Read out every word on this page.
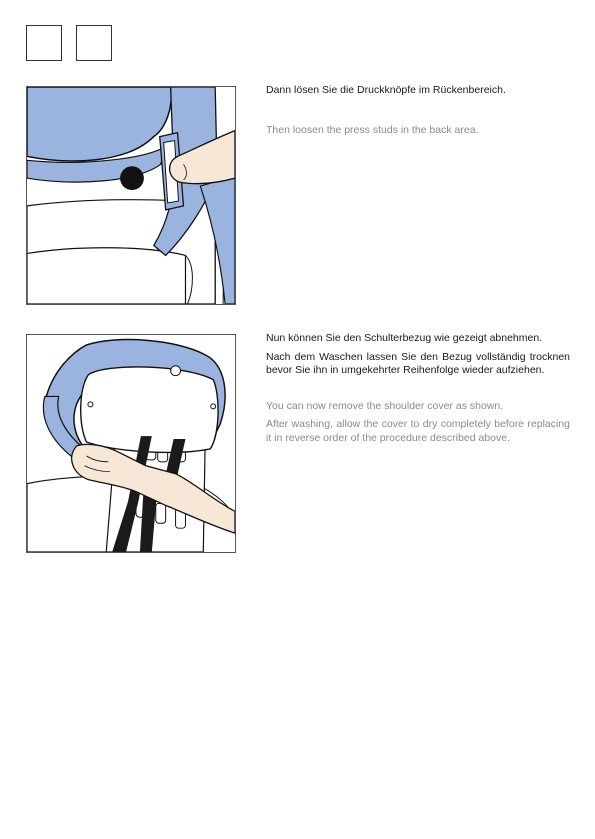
Dann lösen Sie die Druckknöpfe im Rückenbereich.

Then loosen the press studs in the back area.

Nun können Sie den Schulterbezug wie gezeigt abnehmen.

Nach dem Waschen lassen Sie den Bezug vollständig trocknen bevor Sie ihn in umgekehrter Reihenfolge wieder aufziehen.

You can now remove the shoulder cover as shown.

After washing, allow the cover to dry completely before replacing it in reverse order of the procedure described above.
